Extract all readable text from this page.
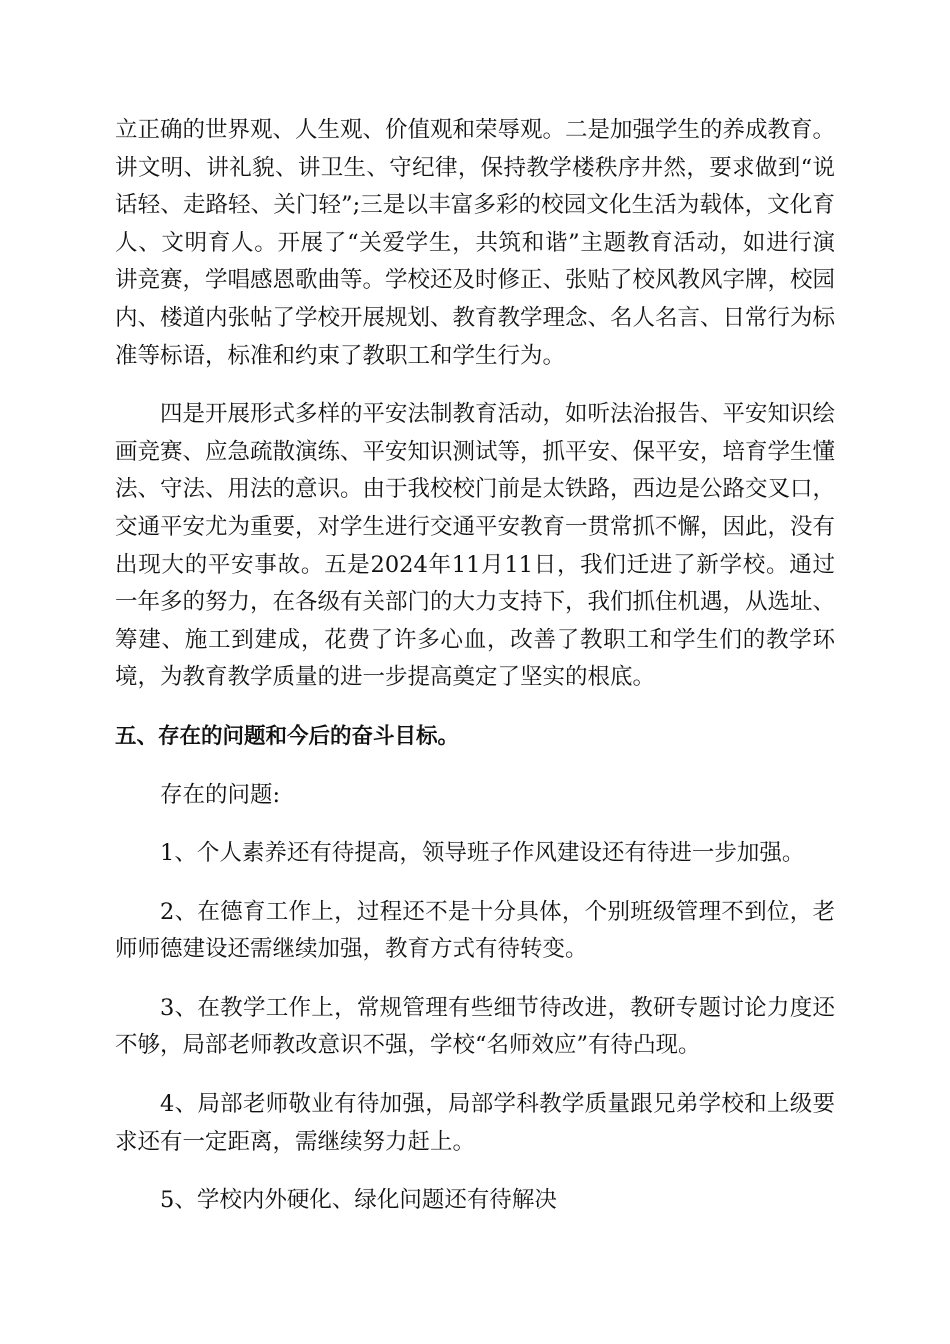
立正确的世界观、人生观、价值观和荣辱观。二是加强学生的养成教育。讲文明、讲礼貌、讲卫生、守纪律，保持教学楼秩序井然，要求做到“说话轻、走路轻、关门轻”;三是以丰富多彩的校园文化生活为载体，文化育人、文明育人。开展了“关爱学生，共筑和谐”主题教育活动，如进行演讲竞赛，学唱感恩歌曲等。学校还及时修正、张贴了校风教风字牌，校园内、楼道内张帖了学校开展规划、教育教学理念、名人名言、日常行为标准等标语，标准和约束了教职工和学生行为。

四是开展形式多样的平安法制教育活动，如听法治报告、平安知识绘画竞赛、应急疏散演练、平安知识测试等，抓平安、保平安，培育学生懂法、守法、用法的意识。由于我校校门前是太铁路，西边是公路交叉口，交通平安尤为重要，对学生进行交通平安教育一贯常抓不懈，因此，没有出现大的平安事故。五是2024年11月11日，我们迁进了新学校。通过一年多的努力，在各级有关部门的大力支持下，我们抓住机遇，从选址、筹建、施工到建成，花费了许多心血，改善了教职工和学生们的教学环境，为教育教学质量的进一步提高奠定了坚实的根底。

五、存在的问题和今后的奋斗目标。

存在的问题:

1、个人素养还有待提高，领导班子作风建设还有待进一步加强。

2、在德育工作上，过程还不是十分具体，个别班级管理不到位，老师师德建设还需继续加强，教育方式有待转变。

3、在教学工作上，常规管理有些细节待改进，教研专题讨论力度还不够，局部老师教改意识不强，学校“名师效应”有待凸现。

4、局部老师敬业有待加强，局部学科教学质量跟兄弟学校和上级要求还有一定距离，需继续努力赶上。

5、学校内外硬化、绿化问题还有待解决
